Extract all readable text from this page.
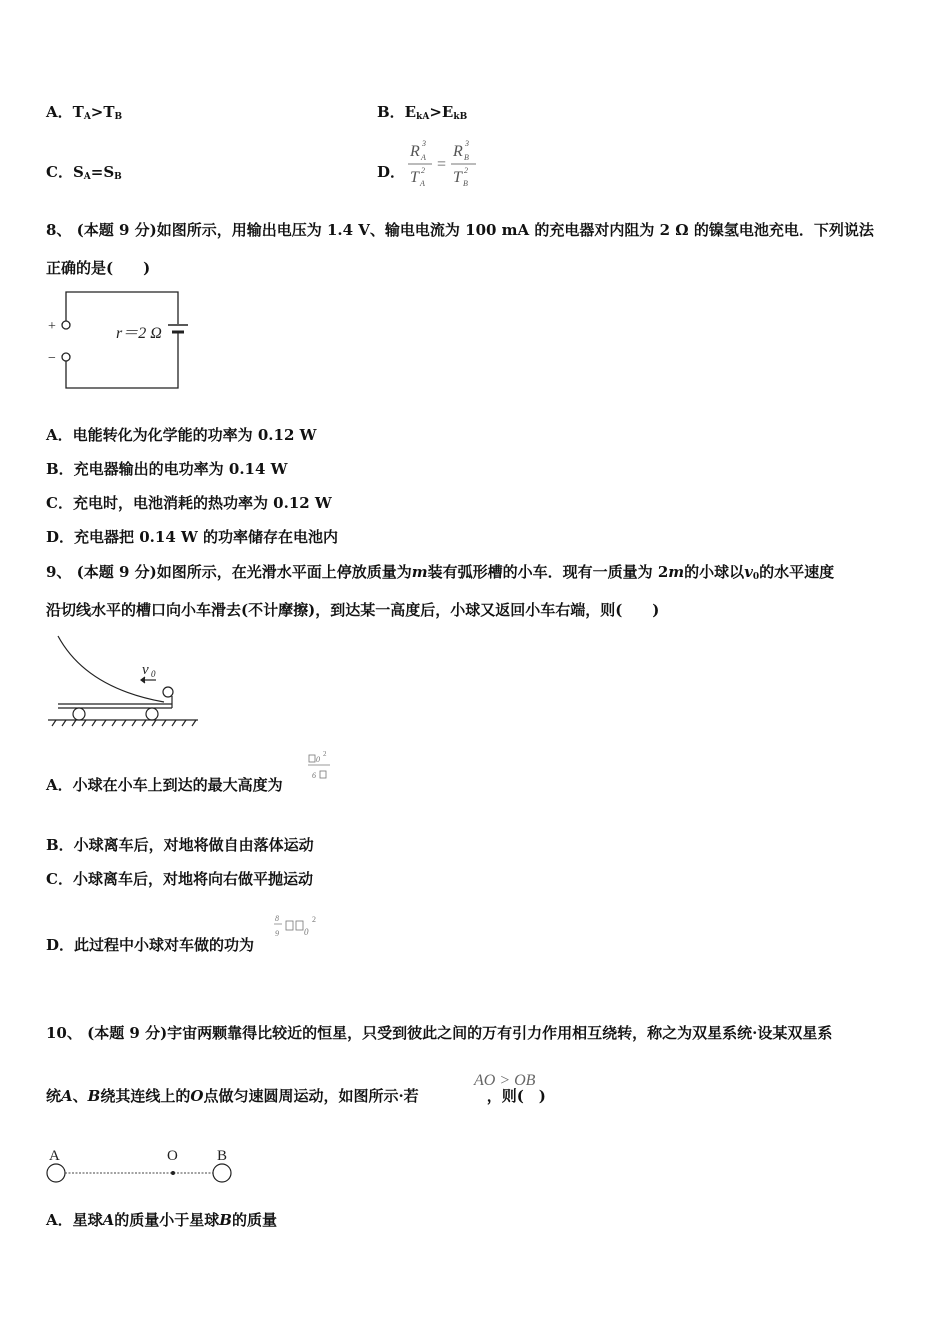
A．$T_A>T_B$	B．$E_{kA}>E_{kB}$
C．$S_A=S_B$	D．
R A
3
T A
2 =
R B
3
T B
2
8、 (本题 9 分)如图所示，用输出电压为 1.4 V、输电电流为 100 mA 的充电器对内阻为 2 Ω 的镍氢电池充电．下列说法
正确的是(　　)
+
−
r＝2 Ω
A．电能转化为化学能的功率为 0.12 W
B．充电器输出的电功率为 0.14 W
C．充电时，电池消耗的热功率为 0.12 W
D．充电器把 0.14 W 的功率储存在电池内
9、 (本题 9 分)如图所示，在光滑水平面上停放质量为m装有弧形槽的小车．现有一质量为 2m的小球以$v_0$的水平速度
沿切线水平的槽口向小车滑去(不计摩擦)，到达某一高度后，小球又返回小车右端，则(　　)
v 0
A．小球在小车上到达的最大高度为
0
2
6
B．小球离车后，对地将做自由落体运动
C．小球离车后，对地将向右做平抛运动
D．此过程中小球对车做的功为
8
9	0
2
10、 (本题 9 分)宇宙两颗靠得比较近的恒星，只受到彼此之间的万有引力作用相互绕转，称之为双星系统·设某双星系
统A、B绕其连线上的O点做匀速圆周运动，如图所示·若	，则(　)
AO > OB
A	O	B
A．星球A的质量小于星球B的质量
